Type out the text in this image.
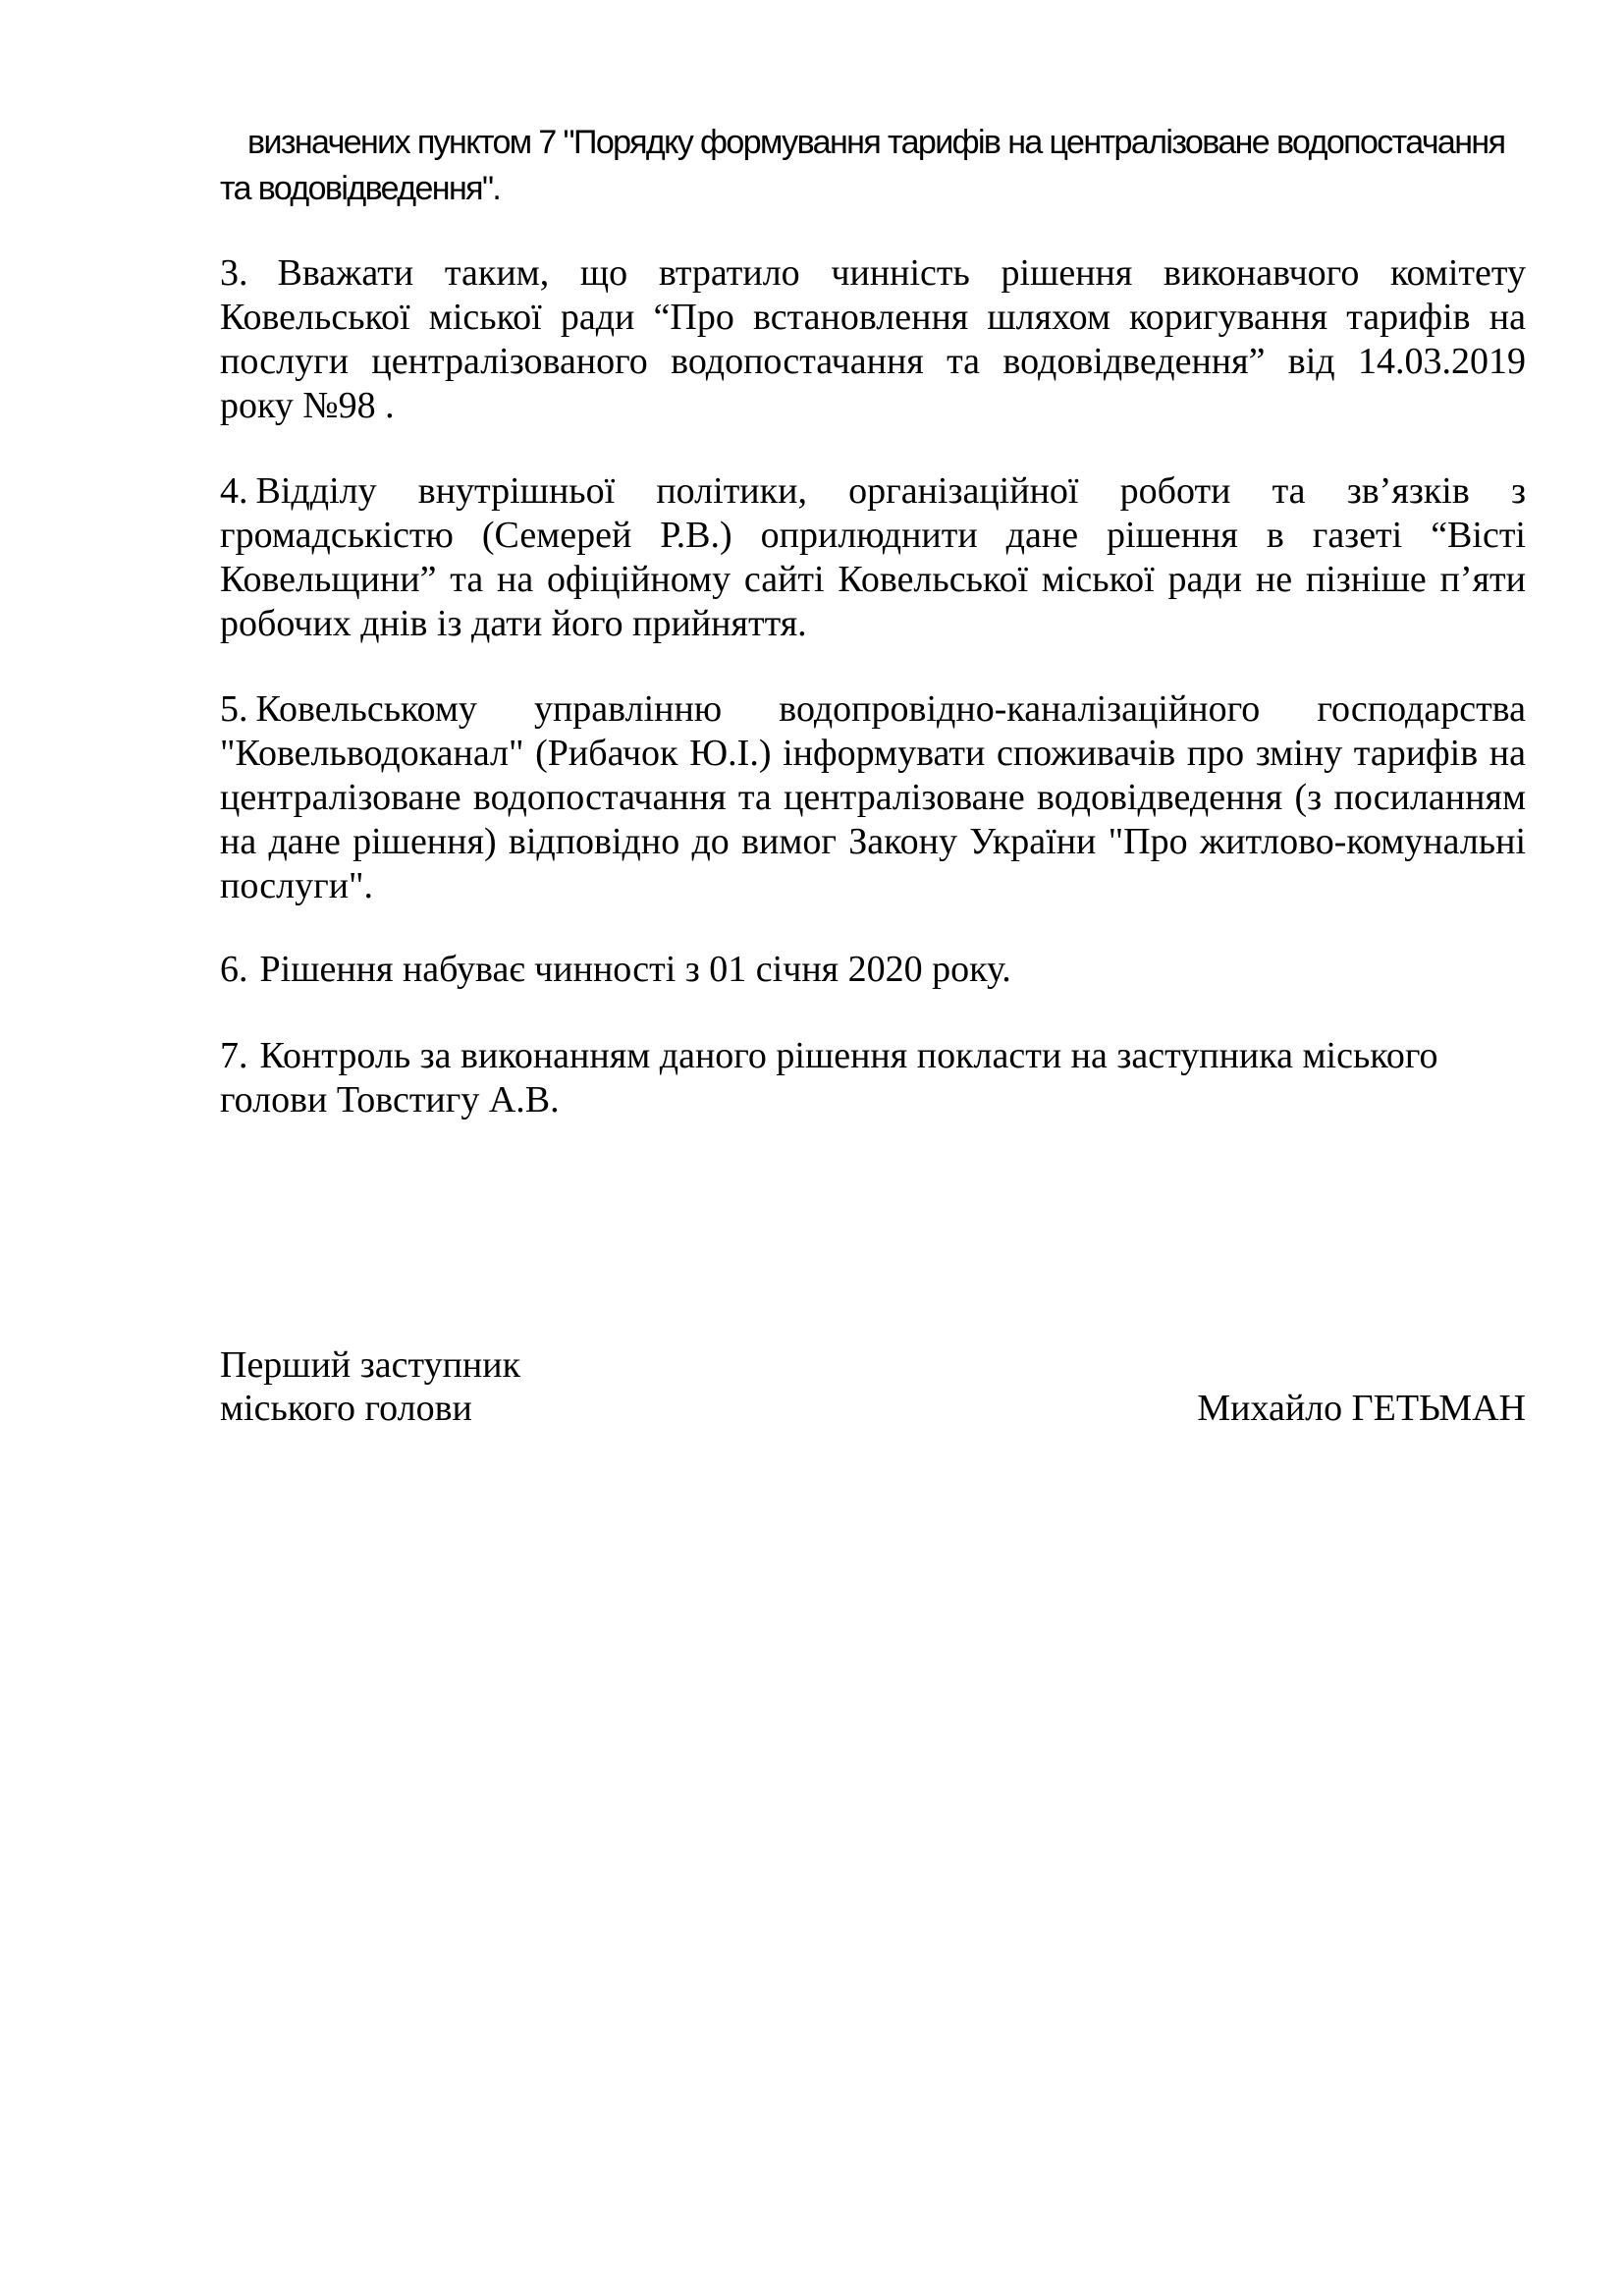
визначених пунктом 7 "Порядку формування тарифів на централізоване водопостачання
та водовідведення".

3. Вважати таким, що втратило чинність рішення виконавчого комітету Ковельської міської ради “Про встановлення шляхом коригування тарифів на послуги централізованого водопостачання та водовідведення” від 14.03.2019 року №98 .

4. Відділу внутрішньої політики, організаційної роботи та зв’язків з громадськістю (Семерей Р.В.) оприлюднити дане рішення в газеті “Вісті Ковельщини” та на офіційному сайті Ковельської міської ради не пізніше п’яти робочих днів із дати його прийняття.

5. Ковельському управлінню водопровідно-каналізаційного господарства "Ковельводоканал" (Рибачок Ю.І.) інформувати споживачів про зміну тарифів на централізоване водопостачання та централізоване водовідведення (з посиланням на дане рішення) відповідно до вимог Закону України "Про житлово-комунальні послуги".

6. Рішення набуває чинності з 01 січня 2020 року.

7. Контроль за виконанням даного рішення покласти на заступника міського голови Товстигу А.В.

Перший заступник
міського голови	Михайло ГЕТЬМАН
